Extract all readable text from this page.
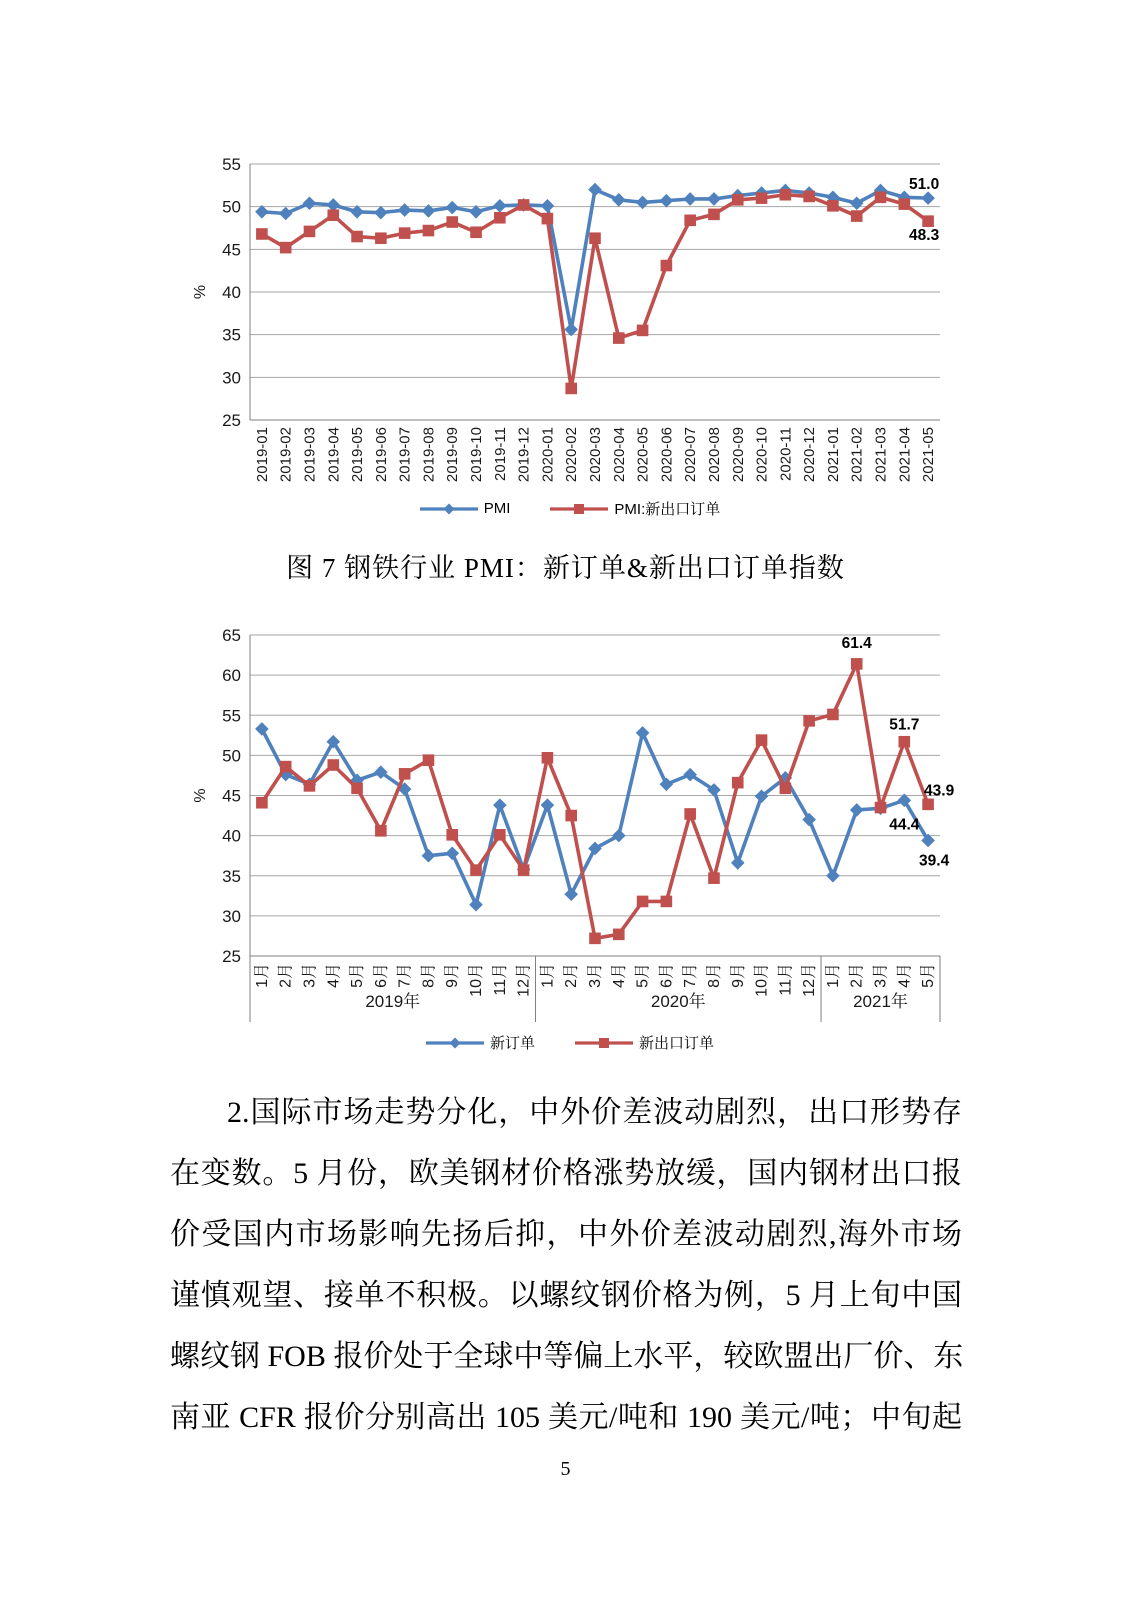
55
50
45
40
35
30
25
%
2019-01 2019-02 2019-03 2019-04 2019-05 2019-06 2019-07 2019-08 2019-09 2019-10 2019-11 2019-12 2020-01 2020-02 2020-03 2020-04 2020-05 2020-06 2020-07 2020-08 2020-09 2020-10 2020-11 2020-12 2021-01 2021-02 2021-03 2021-04 2021-05
51.0
48.3
PMI	PMI:新出口订单
图 7 钢铁行业 PMI：新订单&新出口订单指数
65
60
55
50
45
40
35
30
25
%
1月 2月 3月 4月 5月 6月 7月 8月 9月 10月 11月 12月 1月 2月 3月 4月 5月 6月 7月 8月 9月 10月 11月 12月 1月 2月 3月 4月 5月
2019年	2020年	2021年
44.4
39.4
61.4
51.7
43.9
新订单	新出口订单
2.国际市场走势分化，中外价差波动剧烈，出口形势存
在变数。5 月份，欧美钢材价格涨势放缓，国内钢材出口报
价受国内市场影响先扬后抑，中外价差波动剧烈,海外市场
谨慎观望、接单不积极。以螺纹钢价格为例，5 月上旬中国
螺纹钢 FOB 报价处于全球中等偏上水平，较欧盟出厂价、东
南亚 CFR 报价分别高出 105 美元/吨和 190 美元/吨；中旬起
5
